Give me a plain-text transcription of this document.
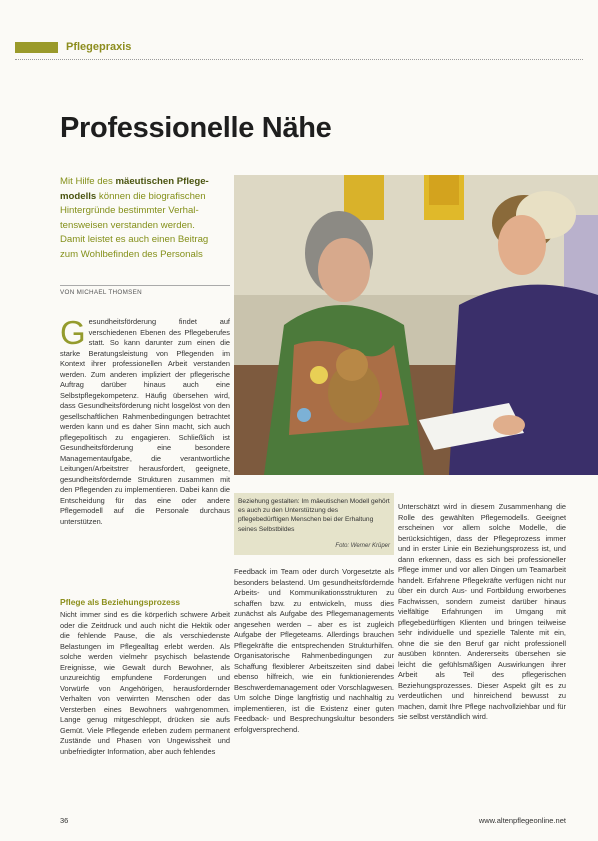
Pflegepraxis
Professionelle Nähe
Mit Hilfe des mäeutischen Pflege-
modells können die biografischen
Hintergründe bestimmter Verhal-
tensweisen verstanden werden.
Damit leistet es auch einen Beitrag
zum Wohlbefinden des Personals
VON MICHAEL THOMSEN
Beziehung gestalten: Im mäeutischen Modell gehört es auch zu den Unterstützung des pflegebedürftigen Menschen bei der Erhaltung seines Selbstbildes
Foto: Werner Krüper

Gesundheitsförderung findet auf verschiedenen Ebenen des Pflegeberufes statt. So kann darunter zum einen die starke Beratungsleistung von Pflegenden im Kontext ihrer professionellen Arbeit verstanden werden. Zum anderen impliziert der pflegerische Auftrag darüber hinaus auch eine Selbstpflegekompetenz. Häufig übersehen wird, dass Gesundheitsförderung nicht losgelöst von den gesellschaftlichen Rahmenbedingungen betrachtet werden kann und es daher Sinn macht, sich auch pflegepolitisch zu engagieren. Schließlich ist Gesundheitsförderung eine besondere Managementaufgabe, die verantwortliche Leitungen/Arbeitstrer herausfordert, geeignete, gesundheitsfördernde Strukturen zusammen mit den Pflegenden zu implementieren. Dabei kann die Entscheidung für das eine oder andere Pflegemodell auf die Personale durchaus unterstützen.

Pflege als Beziehungsprozess

Nicht immer sind es die körperlich schwere Arbeit oder die Zeitdruck und auch nicht die Hektik oder die fehlende Pause, die als verschiedenste Belastungen im Pflegealltag erlebt werden. Als solche werden vielmehr psychisch belastende Ereignisse, wie Gewalt durch Bewohner, als unzureichtig empfundene Forderungen und Vorwürfe von Angehörigen, herausfordernder Verhalten von verwirrten Menschen oder das Versterben eines Bewohners wahrgenommen. Lange genug mitgeschleppt, drücken sie aufs Gemüt. Viele Pflegende erleben zudem permanent Zustände und Phasen von Ungewissheit und unbefriedigter Information, aber auch fehlendes

Feedback im Team oder durch Vorgesetzte als besonders belastend. Um gesundheitsfördernde Arbeits- und Kommunikationsstrukturen zu schaffen bzw. zu entwickeln, muss dies zunächst als Aufgabe des Pflegemanagements angesehen werden – aber es ist zugleich Aufgabe der Pflegeteams. Allerdings brauchen Pflegekräfte die entsprechenden Strukturhilfen. Organisatorische Rahmenbedingungen zur Schaffung flexiblerer Arbeitszeiten sind dabei ebenso hilfreich, wie ein funktionierendes Beschwerdemanagement oder Vorschlagwesen. Um solche Dinge langfristig und nachhaltig zu implementieren, ist die Existenz einer guten Feedback- und Besprechungskultur besonders erfolgversprechend.

Unterschätzt wird in diesem Zusammenhang die Rolle des gewählten Pflegemodells. Geeignet erscheinen vor allem solche Modelle, die berücksichtigen, dass der Pflegeprozess immer und in erster Linie ein Beziehungsprozess ist, und dann erkennen, dass es sich bei professioneller Pflege immer und vor allen Dingen um Teamarbeit handelt. Erfahrene Pflegekräfte verfügen nicht nur über ein durch Aus- und Fortbildung erworbenes Fachwissen, sondern zumeist darüber hinaus vielfältige Erfahrungen im Umgang mit pflegebedürftigen Klienten und bringen teilweise sehr individuelle und spezielle Talente mit ein, ohne die sie den Beruf gar nicht professionell ausüben könnten. Andererseits übersehen sie leicht die gefühlsmäßigen Auswirkungen ihrer Arbeit als Teil des pflegerischen Beziehungsprozesses. Dieser Aspekt gilt es zu verdeutlichen und hinreichend bewusst zu machen, damit Ihre Pflege nachvollziehbar und für sie selbst verständlich wird.

36	www.altenpflegeonline.net
